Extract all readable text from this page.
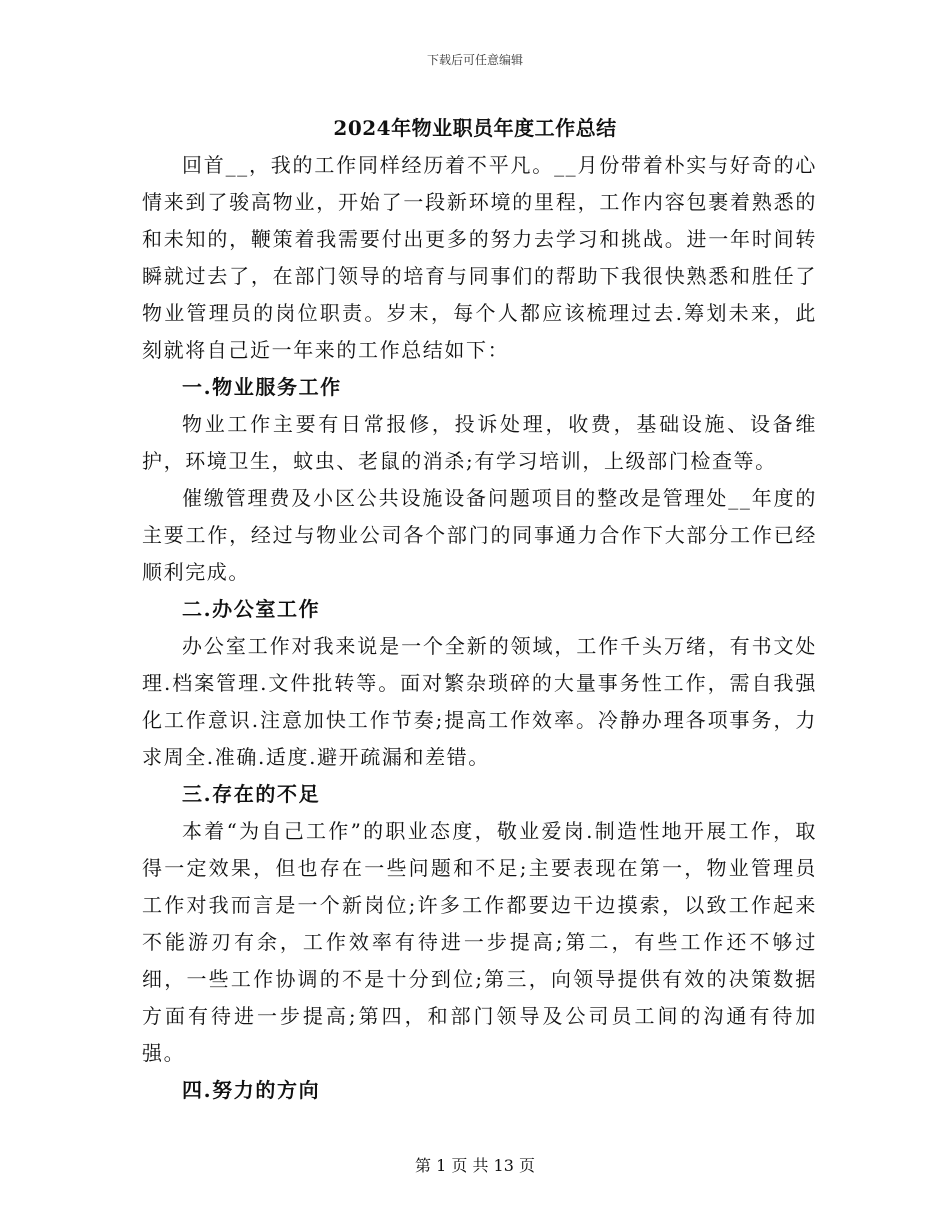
下载后可任意编辑
2024年物业职员年度工作总结

回首__，我的工作同样经历着不平凡。__月份带着朴实与好奇的心情来到了骏高物业，开始了一段新环境的里程，工作内容包裹着熟悉的和未知的，鞭策着我需要付出更多的努力去学习和挑战。进一年时间转瞬就过去了，在部门领导的培育与同事们的帮助下我很快熟悉和胜任了物业管理员的岗位职责。岁末，每个人都应该梳理过去.筹划未来，此刻就将自己近一年来的工作总结如下：

一.物业服务工作

物业工作主要有日常报修，投诉处理，收费，基础设施、设备维护，环境卫生，蚊虫、老鼠的消杀;有学习培训，上级部门检查等。

催缴管理费及小区公共设施设备问题项目的整改是管理处__年度的主要工作，经过与物业公司各个部门的同事通力合作下大部分工作已经顺利完成。

二.办公室工作

办公室工作对我来说是一个全新的领域，工作千头万绪，有书文处理.档案管理.文件批转等。面对繁杂琐碎的大量事务性工作，需自我强化工作意识.注意加快工作节奏;提高工作效率。冷静办理各项事务，力求周全.准确.适度.避开疏漏和差错。

三.存在的不足

本着“为自己工作”的职业态度，敬业爱岗.制造性地开展工作，取得一定效果，但也存在一些问题和不足;主要表现在第一，物业管理员工作对我而言是一个新岗位;许多工作都要边干边摸索，以致工作起来不能游刃有余，工作效率有待进一步提高;第二，有些工作还不够过细，一些工作协调的不是十分到位;第三，向领导提供有效的决策数据方面有待进一步提高;第四，和部门领导及公司员工间的沟通有待加强。

四.努力的方向
第 1 页 共 13 页
